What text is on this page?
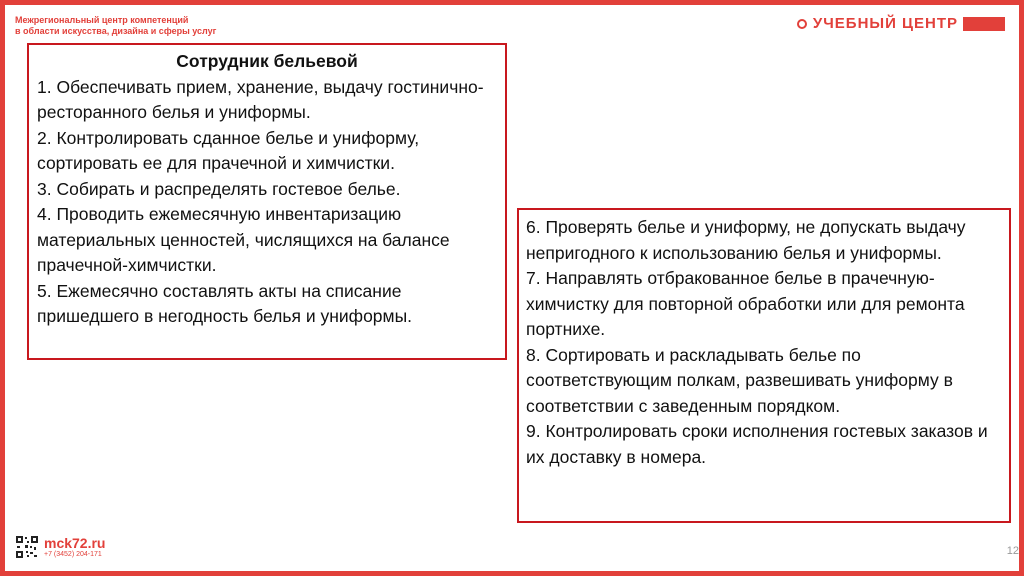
Межрегиональный центр компетенций
в области искусства, дизайна и сферы услуг	УЧЕБНЫЙ ЦЕНТР
Сотрудник бельевой

1. Обеспечивать прием, хранение, выдачу гостинично-ресторанного белья и униформы.

2. Контролировать сданное белье и униформу, сортировать ее для прачечной и химчистки.

3. Собирать и распределять гостевое белье.

4. Проводить ежемесячную инвентаризацию материальных ценностей, числящихся на балансе прачечной-химчистки.

5. Ежемесячно составлять акты на списание пришедшего в негодность белья и униформы.

6. Проверять белье и униформу, не допускать выдачу непригодного к использованию белья и униформы.

7. Направлять отбракованное белье в прачечную-химчистку для повторной обработки или для ремонта портнихе.

8. Сортировать и раскладывать белье по соответствующим полкам, развешивать униформу в соответствии с заведенным порядком.

9. Контролировать сроки исполнения гостевых заказов и их доставку в номера.

mck72.ru
+7 (3452) 204-171	12
